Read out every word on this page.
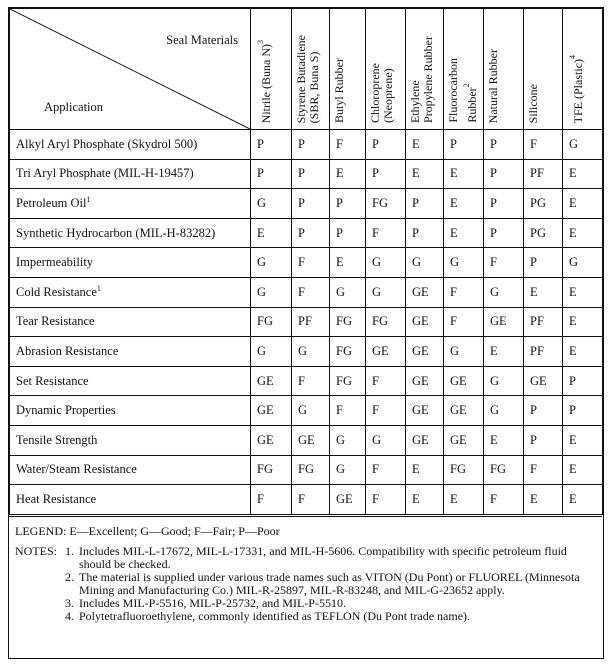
Seal Materials
Application	Nitrile (Buna N)$^3$	Styrene Butadiene (SBR, Buna S)	Butyl Rubber	Chloroprene (Neoprene)	Ethylene Propylene Rubber	Fluorocarbon Rubber$^2$	Natural Rubber	Silicone	TFE (Plastic)$^4$

Alkyl Aryl Phosphate (Skydrol 500)	P	P	F	P	E	P	P	F	G
Tri Aryl Phosphate (MIL-H-19457)	P	P	E	P	E	E	P	PF	E
Petroleum Oil$^1$	G	P	P	FG	P	E	P	PG	E
Synthetic Hydrocarbon (MIL-H-83282)	E	P	P	F	P	E	P	PG	E
Impermeability	G	F	E	G	G	G	F	P	G
Cold Resistance$^1$	G	F	G	G	GE	F	G	E	E
Tear Resistance	FG	PF	FG	FG	GE	F	GE	PF	E
Abrasion Resistance	G	G	FG	GE	GE	G	E	PF	E
Set Resistance	GE	F	FG	F	GE	GE	G	GE	P
Dynamic Properties	GE	G	F	F	GE	GE	G	P	P
Tensile Strength	GE	GE	G	G	GE	GE	E	P	E
Water/Steam Resistance	FG	FG	G	F	E	FG	FG	F	E
Heat Resistance	F	F	GE	F	E	E	F	E	E
LEGEND: E—Excellent; G—Good; F—Fair; P—Poor
NOTES: 1. Includes MIL-L-17672, MIL-L-17331, and MIL-H-5606. Compatibility with specific petroleum fluid should be checked.
2. The material is supplied under various trade names such as VITON (Du Pont) or FLUOREL (Minnesota Mining and Manufacturing Co.) MIL-R-25897, MIL-R-83248, and MIL-G-23652 apply.
3. Includes MIL-P-5516, MIL-P-25732, and MIL-P-5510.
4. Polytetrafluoroethylene, commonly identified as TEFLON (Du Pont trade name).
